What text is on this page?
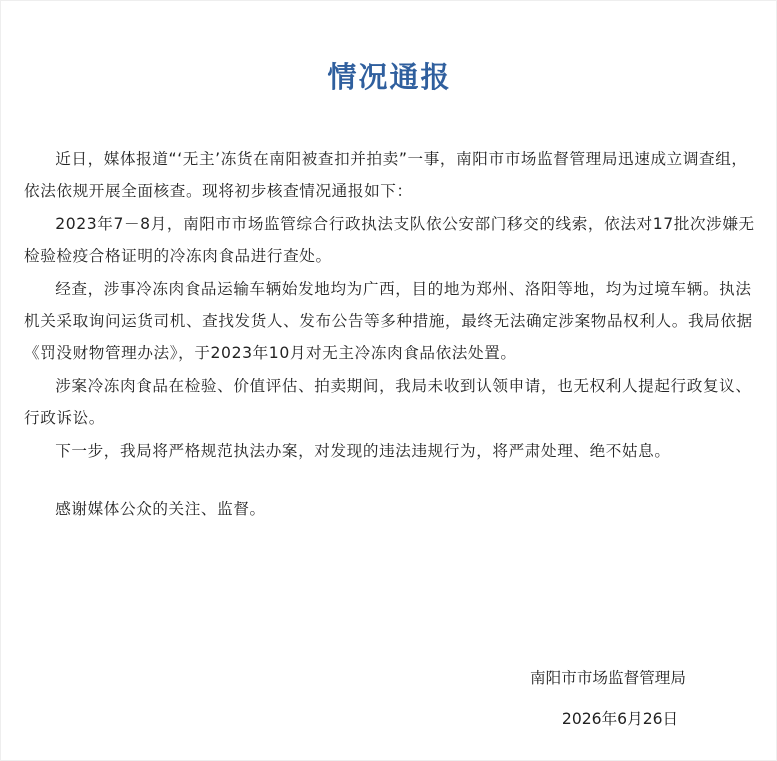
情况通报

近日，媒体报道“‘无主’冻货在南阳被查扣并拍卖”一事，南阳市市场监督管理局迅速成立调查组，依法依规开展全面核查。现将初步核查情况通报如下：

2023年7－8月，南阳市市场监管综合行政执法支队依公安部门移交的线索，依法对17批次涉嫌无检验检疫合格证明的冷冻肉食品进行查处。

经查，涉事冷冻肉食品运输车辆始发地均为广西，目的地为郑州、洛阳等地，均为过境车辆。执法机关采取询问运货司机、查找发货人、发布公告等多种措施，最终无法确定涉案物品权利人。我局依据《罚没财物管理办法》，于2023年10月对无主冷冻肉食品依法处置。

涉案冷冻肉食品在检验、价值评估、拍卖期间，我局未收到认领申请，也无权利人提起行政复议、行政诉讼。

下一步，我局将严格规范执法办案，对发现的违法违规行为，将严肃处理、绝不姑息。

感谢媒体公众的关注、监督。

南阳市市场监督管理局

2026年6月26日
